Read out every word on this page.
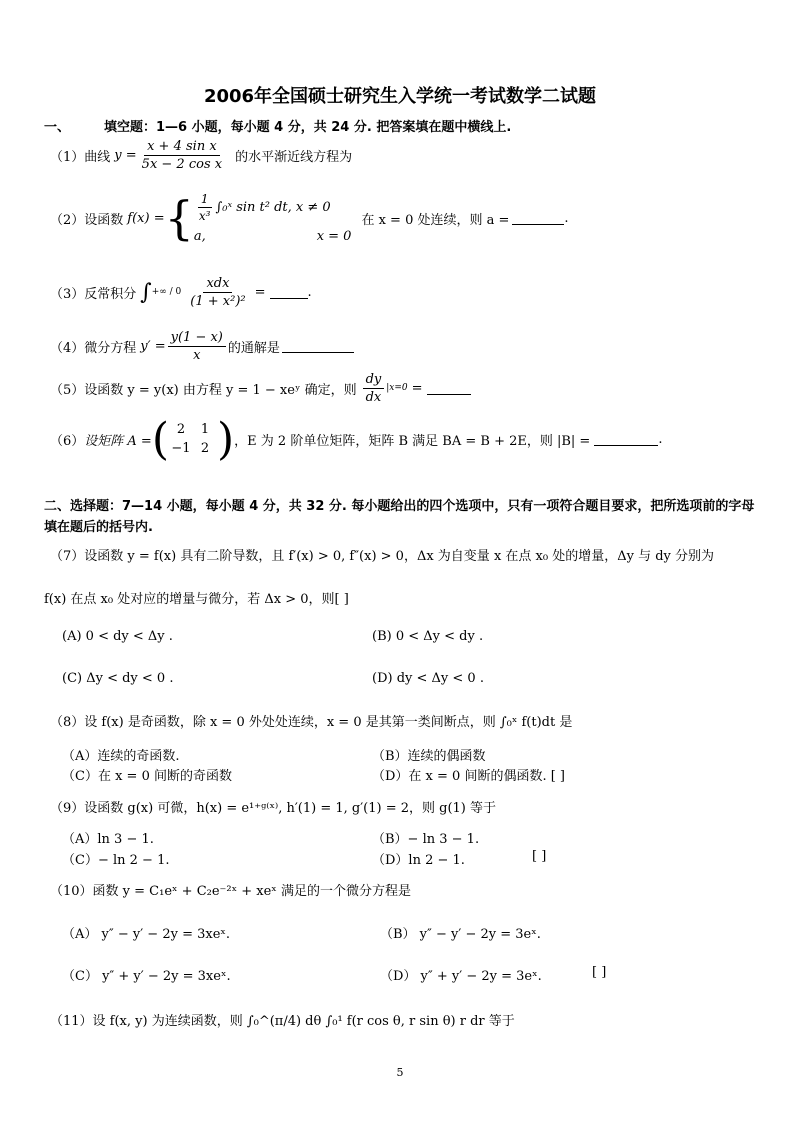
2006年全国硕士研究生入学统一考试数学二试题
一、	填空题：1—6 小题，每小题 4 分，共 24 分. 把答案填在题中横线上.
（1） 曲线 $y = \frac{\text{x + 4 sin x}}{\text{5x − 2 cos x}}$ 的水平渐近线方程为
（2） 设函数 f(x) = { $\frac{1}{\text{x³}}$ ∫₀ˣ sin t² dt, x ≠ 0
a,	x = 0
在 x = 0 处连续，则 a =	.
（3） 反常积分 ∫ +∞ / $0 \frac{\text{xdx}}{\text{(1 + x²)²}}$ =	.
（4） 微分方程 $y' = \frac{y(1 - x)}{x}$ 的通解是
（5） 设函数 y = y(x) 由方程 y = 1 − xeʸ 确定，则 $\frac{dy}{dx} |x=0$ =
（6） 设矩阵 A = ( 2	1
−1 2 ) ，E 为 2 阶单位矩阵，矩阵 B 满足 BA = B + 2E，则 |B| =	.
二、选择题：7—14 小题，每小题 4 分，共 32 分. 每小题给出的四个选项中，只有一项符合题目要求，把所选项前的字母
填在题后的括号内.
（7）设函数 y = f(x) 具有二阶导数，且 f′(x) > 0, f″(x) > 0，Δx 为自变量 x 在点 x₀ 处的增量，Δy 与 dy 分别为
f(x) 在点 x₀ 处对应的增量与微分，若 Δx > 0，则[ ]
(A) 0 < dy < Δy .	(B) 0 < Δy < dy .
(C) Δy < dy < 0 .	(D) dy < Δy < 0 .
（8）设 f(x) 是奇函数，除 x = 0 外处处连续，x = 0 是其第一类间断点，则 ∫₀ˣ f(t)dt 是
（A）连续的奇函数.	（B）连续的偶函数
（C）在 x = 0 间断的奇函数	（D）在 x = 0 间断的偶函数. [ ]
（9）设函数 g(x) 可微，h(x) = e¹⁺ᵍ⁽ˣ⁾, h′(1) = 1, g′(1) = 2，则 g(1) 等于
（A）ln 3 − 1.	（B）− ln 3 − 1.
（C）− ln 2 − 1.	（D）ln 2 − 1.	[ ]
（10）函数 y = C₁eˣ + C₂e⁻²ˣ + xeˣ 满足的一个微分方程是
（A） y″ − y′ − 2y = 3xeˣ.	（B） y″ − y′ − 2y = 3eˣ.
（C） y″ + y′ − 2y = 3xeˣ.	（D） y″ + y′ − 2y = 3eˣ.	[ ]
（11）设 f(x, y) 为连续函数，则 ∫₀^(π/4) dθ ∫₀¹ f(r cos θ, r sin θ) r dr 等于
5
